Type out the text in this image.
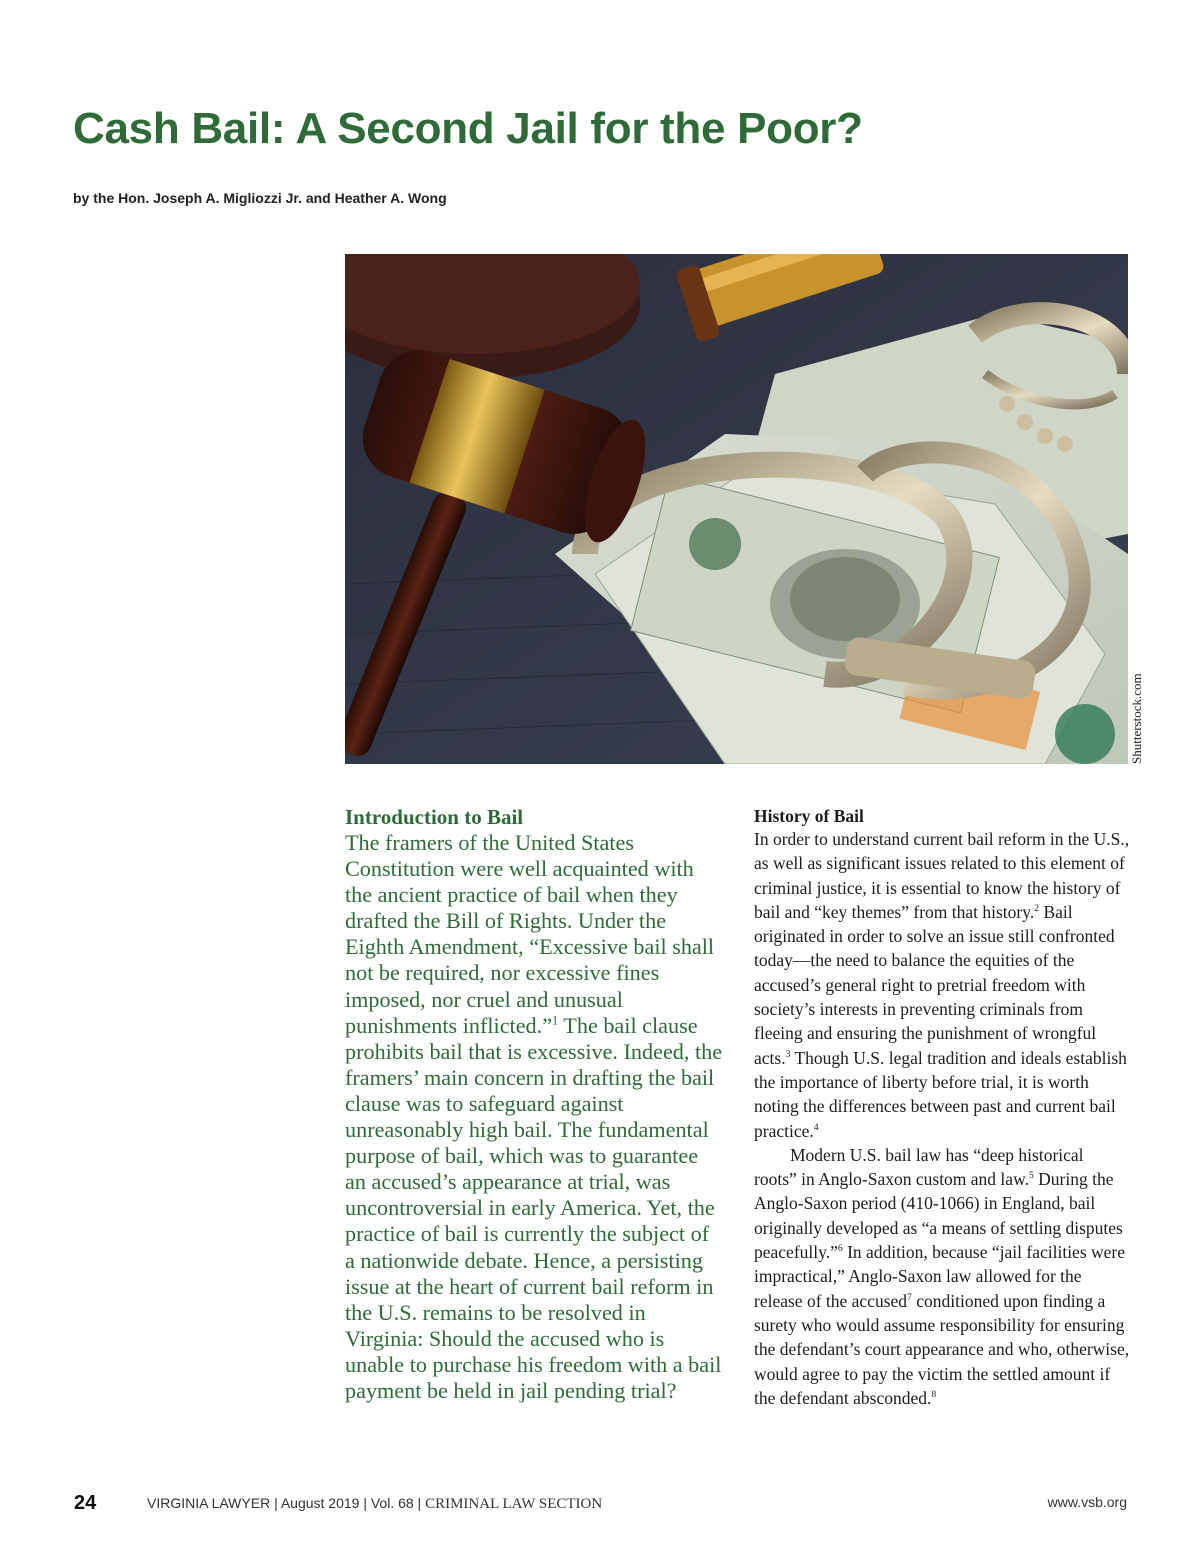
Cash Bail: A Second Jail for the Poor?
by the Hon. Joseph A. Migliozzi Jr. and Heather A. Wong
Shutterstock.com
Introduction to Bail

The framers of the United States Constitution were well acquainted with the ancient practice of bail when they drafted the Bill of Rights. Under the Eighth Amendment, “Excessive bail shall not be required, nor excessive fines imposed, nor cruel and unusual punishments inflicted.”$^1$ The bail clause prohibits bail that is excessive. Indeed, the framers’ main concern in drafting the bail clause was to safeguard against unreasonably high bail. The fundamental purpose of bail, which was to guarantee an accused’s appearance at trial, was uncontroversial in early America. Yet, the practice of bail is currently the subject of a nationwide debate. Hence, a persisting issue at the heart of current bail reform in the U.S. remains to be resolved in Virginia: Should the accused who is unable to purchase his freedom with a bail payment be held in jail pending trial?

History of Bail

In order to understand current bail reform in the U.S., as well as significant issues related to this element of criminal justice, it is essential to know the history of bail and “key themes” from that history.$^2$ Bail originated in order to solve an issue still confronted today—the need to balance the equities of the accused’s general right to pretrial freedom with society’s interests in preventing criminals from fleeing and ensuring the punishment of wrongful acts.$^3$ Though U.S. legal tradition and ideals establish the importance of liberty before trial, it is worth noting the differences between past and current bail practice.$^4$

Modern U.S. bail law has “deep historical roots” in Anglo-Saxon custom and law.$^5$ During the Anglo-Saxon period (410-1066) in England, bail originally developed as “a means of settling disputes peacefully.”$^6$ In addition, because “jail facilities were impractical,” Anglo-Saxon law allowed for the release of the accused$^7$ conditioned upon finding a surety who would assume responsibility for ensuring the defendant’s court appearance and who, otherwise, would agree to pay the victim the settled amount if the defendant absconded.$^8$

24	VIRGINIA LAWYER | August 2019 | Vol. 68 | CRIMINAL LAW SECTION	www.vsb.org
